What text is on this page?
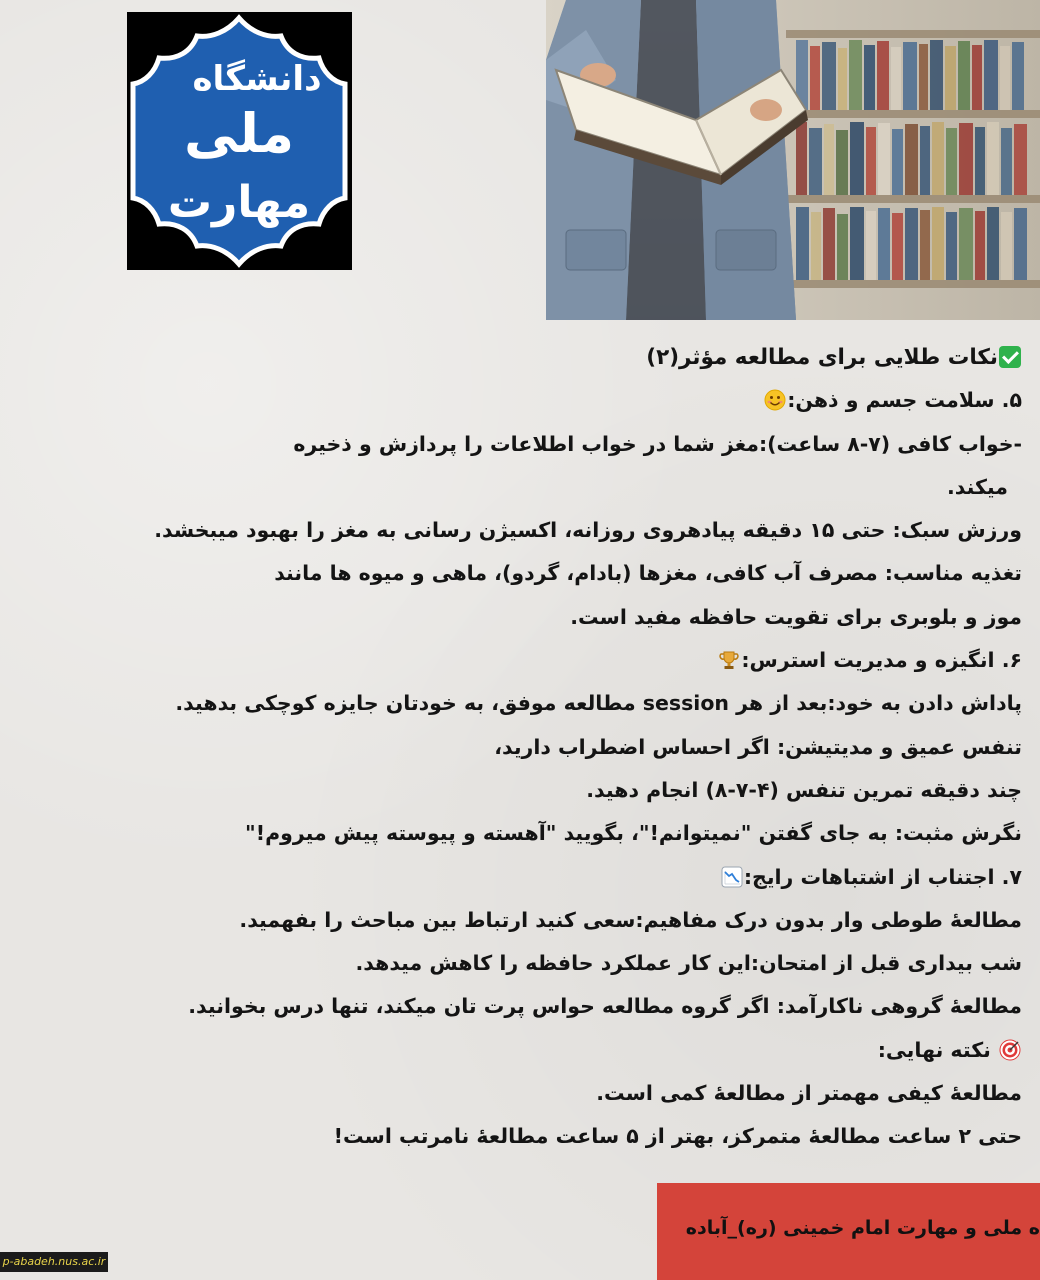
دانشگاه
ملی
مهارت
نکات طلایی برای مطالعه مؤثر(۲)
۵. سلامت جسم و ذهن:
-خواب کافی (۷-۸ ساعت):مغز شما در خواب اطلاعات را پردازش و ذخیره
میکند.
ورزش سبک: حتی ۱۵ دقیقه پیادهروی روزانه، اکسیژن رسانی به مغز را بهبود میبخشد.
تغذیه مناسب: مصرف آب کافی، مغزها (بادام، گردو)، ماهی و میوه ها مانند
موز و بلوبری برای تقویت حافظه مفید است.
۶. انگیزه و مدیریت استرس:
پاداش دادن به خود:بعد از هر session مطالعه موفق، به خودتان جایزه کوچکی بدهید.
تنفس عمیق و مدیتیشن: اگر احساس اضطراب دارید،
چند دقیقه تمرین تنفس (۴-۷-۸) انجام دهید.
نگرش مثبت: به جای گفتن "نمیتوانم!"، بگویید "آهسته و پیوسته پیش میروم!"
۷. اجتناب از اشتباهات رایج:
مطالعهٔ طوطی وار بدون درک مفاهیم:سعی کنید ارتباط بین مباحث را بفهمید.
شب بیداری قبل از امتحان:این کار عملکرد حافظه را کاهش میدهد.
مطالعهٔ گروهی ناکارآمد: اگر گروه مطالعه حواس پرت تان میکند، تنها درس بخوانید.
نکته نهایی:
مطالعهٔ کیفی مهمتر از مطالعهٔ کمی است.
حتی ۲ ساعت مطالعهٔ متمرکز، بهتر از ۵ ساعت مطالعهٔ نامرتب است!
ه ملی و مهارت امام خمینی (ره)_آباده
p-abadeh.nus.ac.ir
